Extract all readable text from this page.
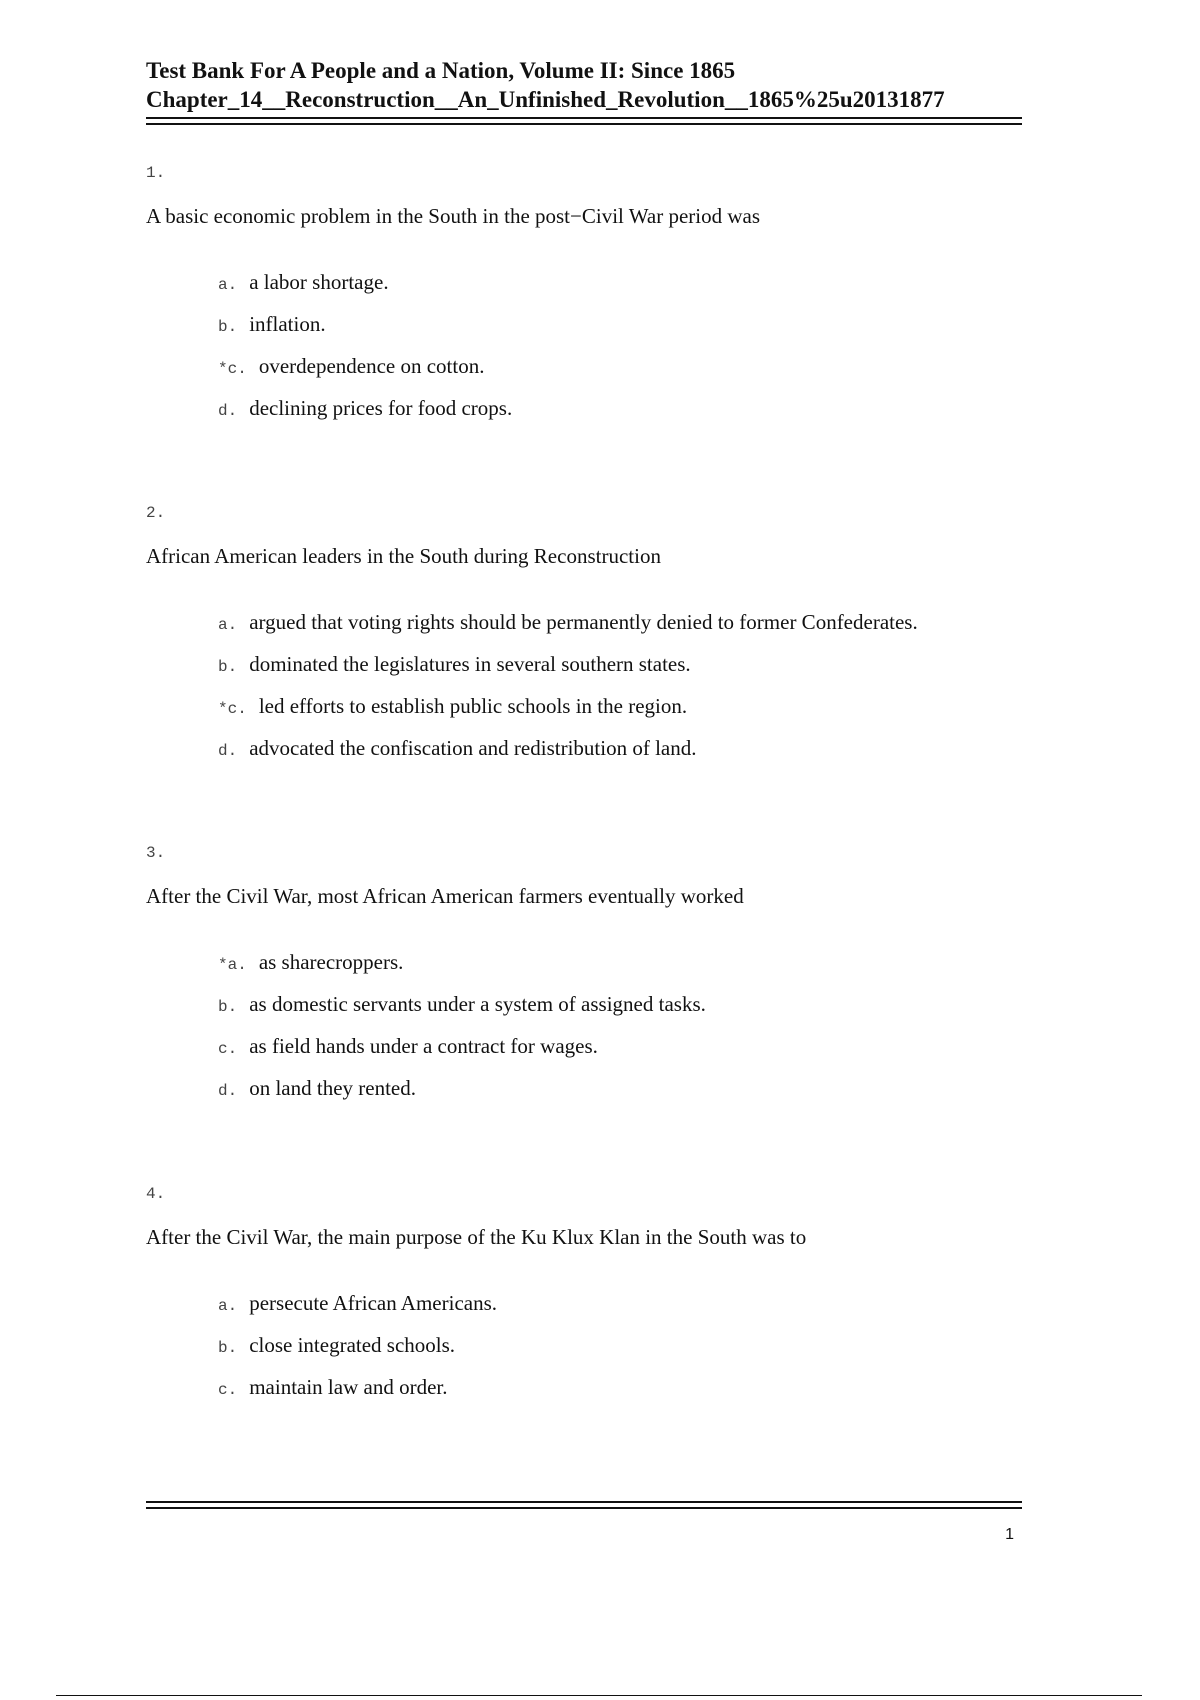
Test Bank For A People and a Nation, Volume II: Since 1865
Chapter_14__Reconstruction__An_Unfinished_Revolution__1865%25u20131877
1.
A basic economic problem in the South in the post−Civil War period was
a. a labor shortage.
b. inflation.
*c. overdependence on cotton.
d. declining prices for food crops.
2.
African American leaders in the South during Reconstruction
a. argued that voting rights should be permanently denied to former Confederates.
b. dominated the legislatures in several southern states.
*c. led efforts to establish public schools in the region.
d. advocated the confiscation and redistribution of land.
3.
After the Civil War, most African American farmers eventually worked
*a. as sharecroppers.
b. as domestic servants under a system of assigned tasks.
c. as field hands under a contract for wages.
d. on land they rented.
4.
After the Civil War, the main purpose of the Ku Klux Klan in the South was to
a. persecute African Americans.
b. close integrated schools.
c. maintain law and order.
1
